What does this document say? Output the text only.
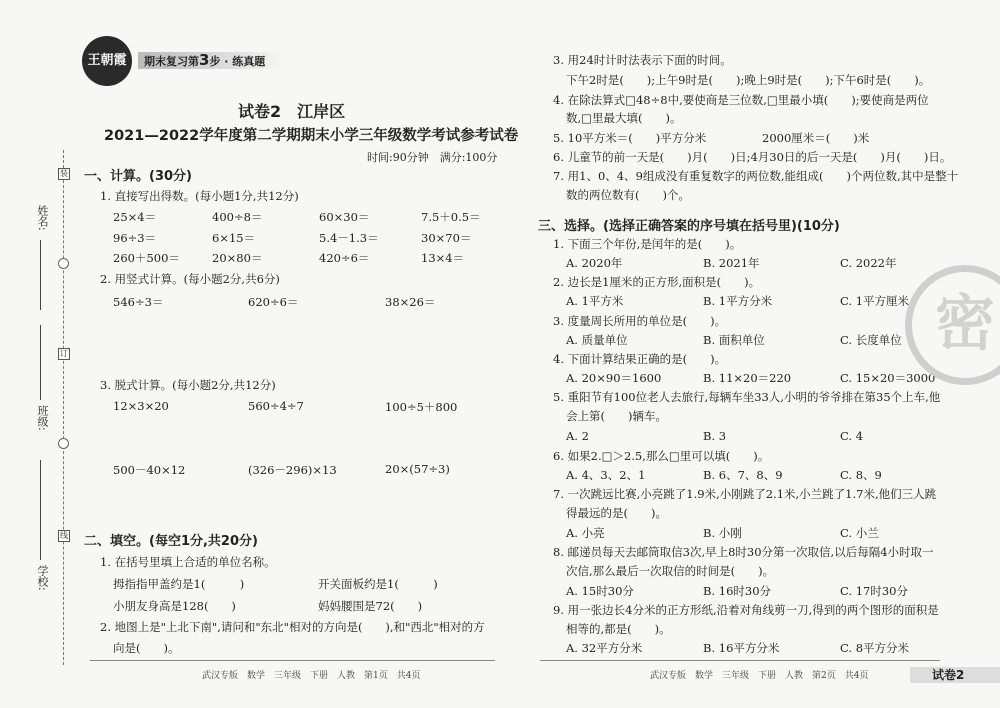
装
订
线
姓名:
班级:
学校:
王朝霞	期末复习第3步 · 练真题
试卷2　江岸区
2021—2022学年度第二学期期末小学三年级数学考试参考试卷
时间:90分钟　满分:100分
一、计算。(30分)
1. 直接写出得数。(每小题1分,共12分)
25×4＝	400÷8＝	60×30＝	7.5＋0.5＝
96÷3＝	6×15＝	5.4－1.3＝	30×70＝
260＋500＝	20×80＝	420÷6＝	13×4＝
2. 用竖式计算。(每小题2分,共6分)
546÷3＝	620÷6＝	38×26＝
3. 脱式计算。(每小题2分,共12分)
12×3×20	560÷4÷7	100÷5＋800
500－40×12	(326－296)×13	20×(57÷3)
二、填空。(每空1分,共20分)
1. 在括号里填上合适的单位名称。
拇指指甲盖约是1(　　　)	开关面板约是1(　　　)
小朋友身高是128(　　)	妈妈腰围是72(　　)
2. 地图上是"上北下南",请问和"东北"相对的方向是(　　),和"西北"相对的方
向是(　　)。
武汉专版　数学　三年级　下册　人教　第1页　共4页
3. 用24时计时法表示下面的时间。
下午2时是(　　);上午9时是(　　);晚上9时是(　　);下午6时是(　　)。
4. 在除法算式□48÷8中,要使商是三位数,□里最小填(　　);要使商是两位
数,□里最大填(　　)。
5. 10平方米＝(　　)平方分米	2000厘米＝(　　)米
6. 儿童节的前一天是(　　)月(　　)日;4月30日的后一天是(　　)月(　　)日。
7. 用1、0、4、9组成没有重复数字的两位数,能组成(　　)个两位数,其中是整十
数的两位数有(　　)个。
三、选择。(选择正确答案的序号填在括号里)(10分)
1. 下面三个年份,是闰年的是(　　)。
A. 2020年	B. 2021年	C. 2022年
2. 边长是1厘米的正方形,面积是(　　)。
A. 1平方米	B. 1平方分米	C. 1平方厘米
3. 度量周长所用的单位是(　　)。
A. 质量单位	B. 面积单位	C. 长度单位
4. 下面计算结果正确的是(　　)。
A. 20×90＝1600	B. 11×20＝220	C. 15×20＝3000
5. 重阳节有100位老人去旅行,每辆车坐33人,小明的爷爷排在第35个上车,他
会上第(　　)辆车。
A. 2	B. 3	C. 4
6. 如果2.□＞2.5,那么□里可以填(　　)。
A. 4、3、2、1	B. 6、7、8、9	C. 8、9
7. 一次跳远比赛,小亮跳了1.9米,小刚跳了2.1米,小兰跳了1.7米,他们三人跳
得最远的是(　　)。
A. 小亮	B. 小刚	C. 小兰
8. 邮递员每天去邮筒取信3次,早上8时30分第一次取信,以后每隔4小时取一
次信,那么最后一次取信的时间是(　　)。
A. 15时30分	B. 16时30分	C. 17时30分
9. 用一张边长4分米的正方形纸,沿着对角线剪一刀,得到的两个图形的面积是
相等的,都是(　　)。
A. 32平方分米	B. 16平方分米	C. 8平方分米
密
武汉专版　数学　三年级　下册　人教　第2页　共4页	试卷2
